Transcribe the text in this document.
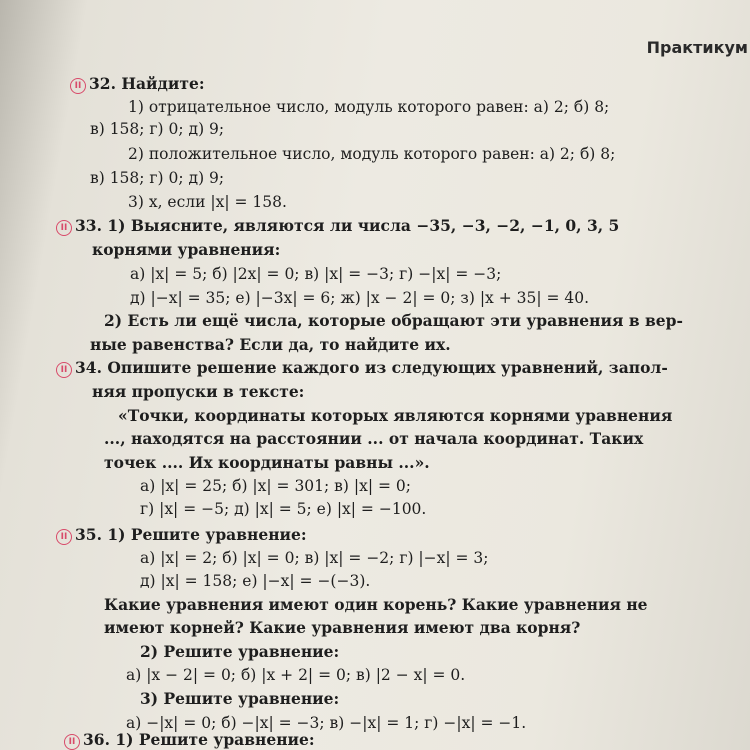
Практикум
II 32. Найдите:
1) отрицательное число, модуль которого равен: а) 2; б) 8;
в) 158; г) 0; д) 9;
2) положительное число, модуль которого равен: а) 2; б) 8;
в) 158; г) 0; д) 9;
3) x, если |x| = 158.
II 33. 1) Выясните, являются ли числа −35, −3, −2, −1, 0, 3, 5
корнями уравнения:
а) |x| = 5; б) |2x| = 0; в) |x| = −3; г) −|x| = −3;
д) |−x| = 35; е) |−3x| = 6; ж) |x − 2| = 0; з) |x + 35| = 40.
2) Есть ли ещё числа, которые обращают эти уравнения в вер-
ные равенства? Если да, то найдите их.
II 34. Опишите решение каждого из следующих уравнений, запол-
няя пропуски в тексте:
«Точки, координаты которых являются корнями уравнения
..., находятся на расстоянии ... от начала координат. Таких
точек .... Их координаты равны ...».
а) |x| = 25; б) |x| = 301; в) |x| = 0;
г) |x| = −5; д) |x| = 5; е) |x| = −100.
II 35. 1) Решите уравнение:
а) |x| = 2; б) |x| = 0; в) |x| = −2; г) |−x| = 3;
д) |x| = 158; е) |−x| = −(−3).
Какие уравнения имеют один корень? Какие уравнения не
имеют корней? Какие уравнения имеют два корня?
2) Решите уравнение:
а) |x − 2| = 0; б) |x + 2| = 0; в) |2 − x| = 0.
3) Решите уравнение:
а) −|x| = 0; б) −|x| = −3; в) −|x| = 1; г) −|x| = −1.
II 36. 1) Решите уравнение:
